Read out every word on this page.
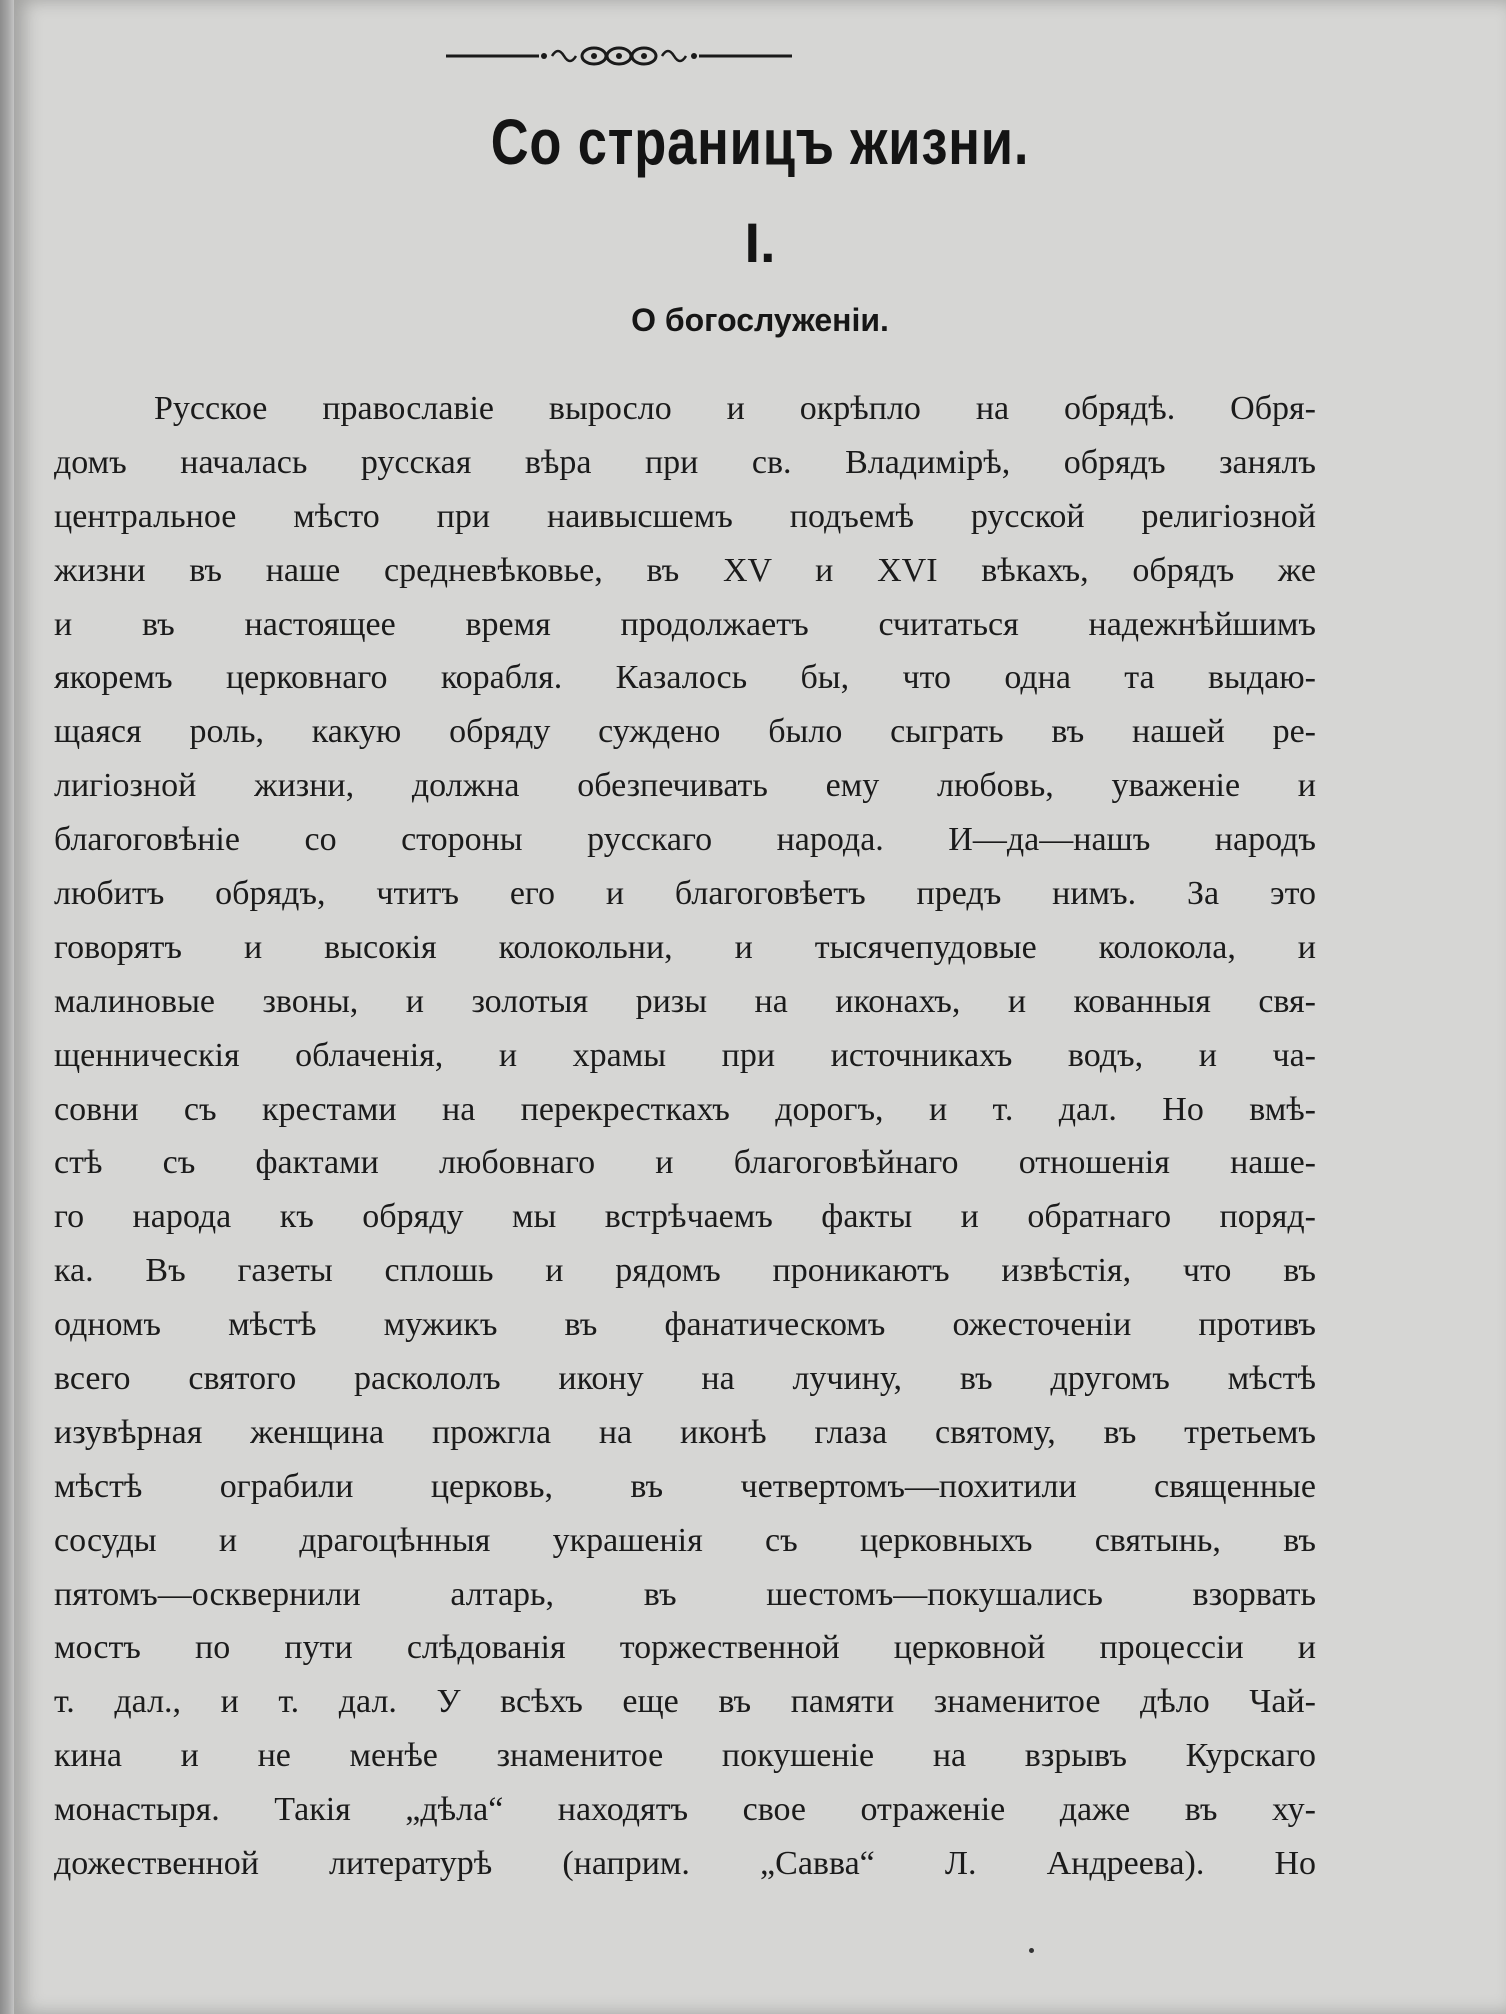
Со страницъ жизни.
I.
О богослуженіи.
Русское православіе выросло и окрѣпло на обрядѣ. Обря-
домъ началась русская вѣра при св. Владимірѣ, обрядъ занялъ
центральное мѣсто при наивысшемъ подъемѣ русской религіозной
жизни въ наше средневѣковье, въ XV и XVI вѣкахъ, обрядъ же
и въ настоящее время продолжаетъ считаться надежнѣйшимъ
якоремъ церковнаго корабля. Казалось бы, что одна та выдаю-
щаяся роль, какую обряду суждено было сыграть въ нашей ре-
лигіозной жизни, должна обезпечивать ему любовь, уваженіе и
благоговѣніе со стороны русскаго народа. И—да—нашъ народъ
любитъ обрядъ, чтитъ его и благоговѣетъ предъ нимъ. За это
говорятъ и высокія колокольни, и тысячепудовые колокола, и
малиновые звоны, и золотыя ризы на иконахъ, и кованныя свя-
щенническія облаченія, и храмы при источникахъ водъ, и ча-
совни съ крестами на перекресткахъ дорогъ, и т. дал. Но вмѣ-
стѣ съ фактами любовнаго и благоговѣйнаго отношенія наше-
го народа къ обряду мы встрѣчаемъ факты и обратнаго поряд-
ка. Въ газеты сплошь и рядомъ проникаютъ извѣстія, что въ
одномъ мѣстѣ мужикъ въ фанатическомъ ожесточеніи противъ
всего святого раскололъ икону на лучину, въ другомъ мѣстѣ
изувѣрная женщина прожгла на иконѣ глаза святому, въ третьемъ
мѣстѣ ограбили церковь, въ четвертомъ—похитили священные
сосуды и драгоцѣнныя украшенія съ церковныхъ святынь, въ
пятомъ—осквернили алтарь, въ шестомъ—покушались взорвать
мостъ по пути слѣдованія торжественной церковной процессіи и
т. дал., и т. дал. У всѣхъ еще въ памяти знаменитое дѣло Чай-
кина и не менѣе знаменитое покушеніе на взрывъ Курскаго
монастыря. Такія „дѣла“ находятъ свое отраженіе даже въ ху-
дожественной литературѣ (наприм. „Савва“ Л. Андреева). Но
